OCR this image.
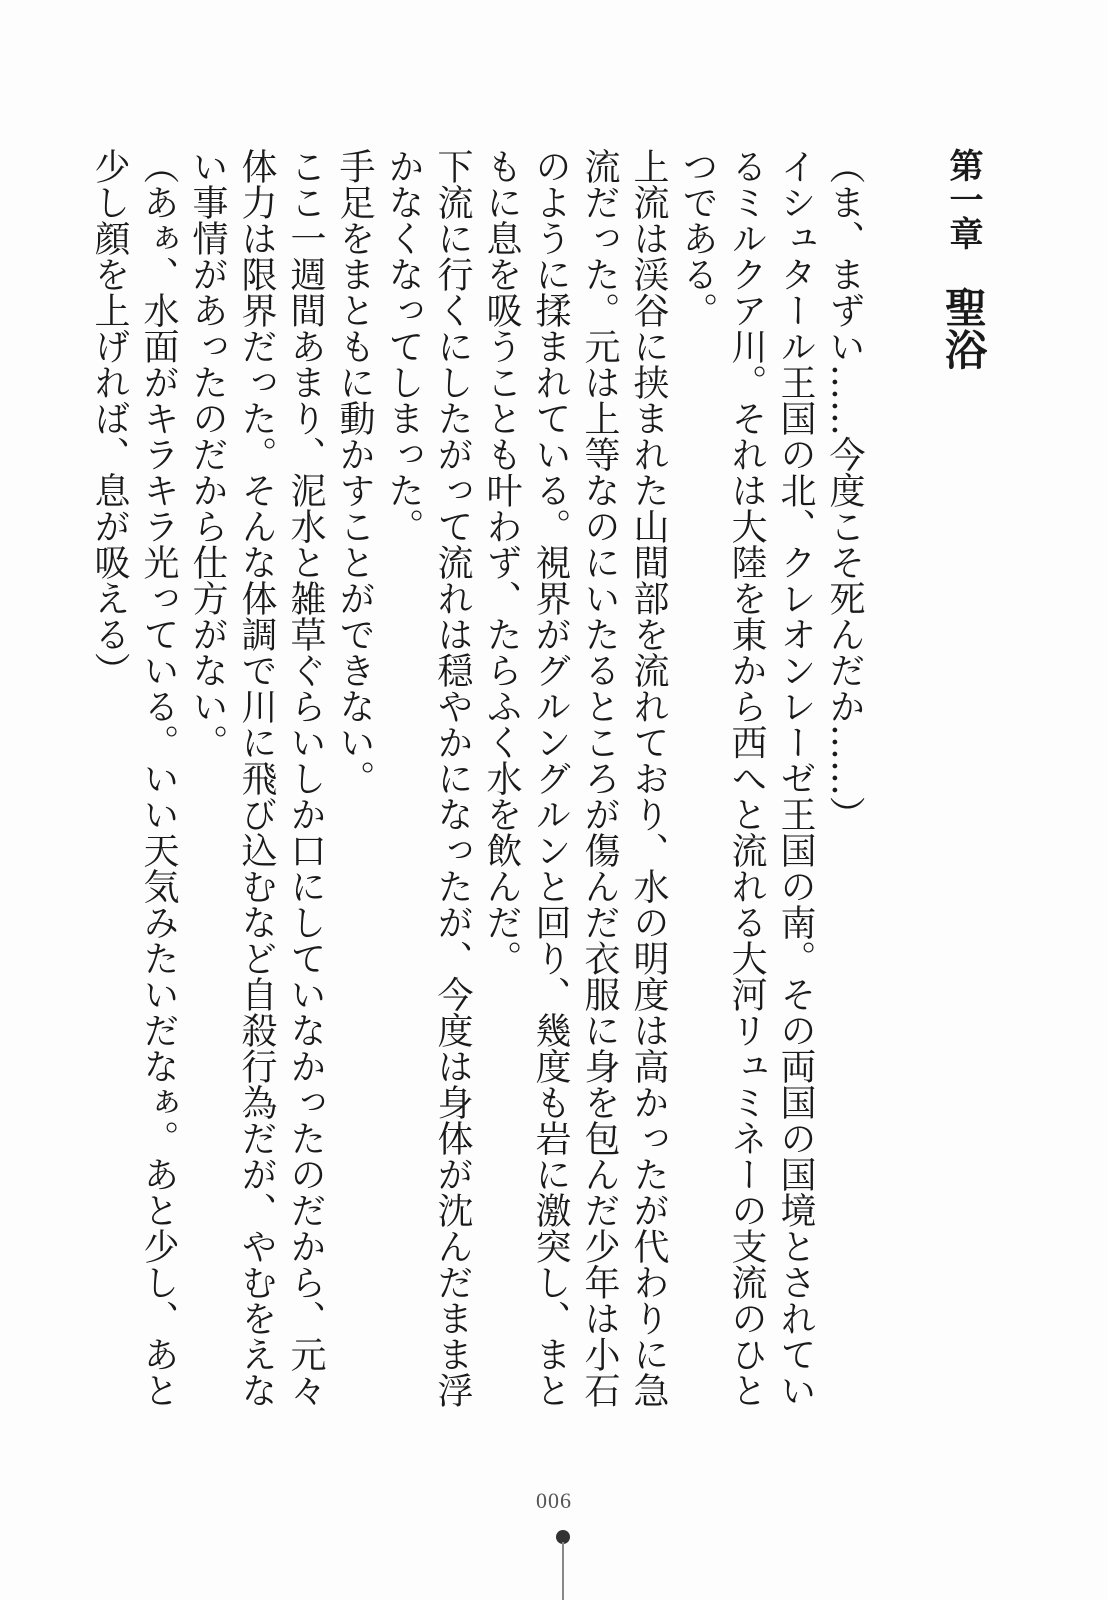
第一章聖浴

（ま、まずい……今度こそ死んだか……）

イシュタール王国の北、クレオンレーゼ王国の南。その両国の国境とされているミルクア川。それは大陸を東から西へと流れる大河リュミネーの支流のひとつである。

上流は渓谷に挟まれた山間部を流れており、水の明度は高かったが代わりに急流だった。元は上等なのにいたるところが傷んだ衣服に身を包んだ少年は小石のように揉まれている。視界がグルングルンと回り、幾度も岩に激突し、まともに息を吸うことも叶わず、たらふく水を飲んだ。

下流に行くにしたがって流れは穏やかになったが、今度は身体が沈んだまま浮かなくなってしまった。

手足をまともに動かすことができない。

ここ一週間あまり、泥水と雑草ぐらいしか口にしていなかったのだから、元々体力は限界だった。そんな体調で川に飛び込むなど自殺行為だが、やむをえない事情があったのだから仕方がない。

（あぁ、水面がキラキラ光っている。いい天気みたいだなぁ。あと少し、あと少し顔を上げれば、息が吸える）

006
